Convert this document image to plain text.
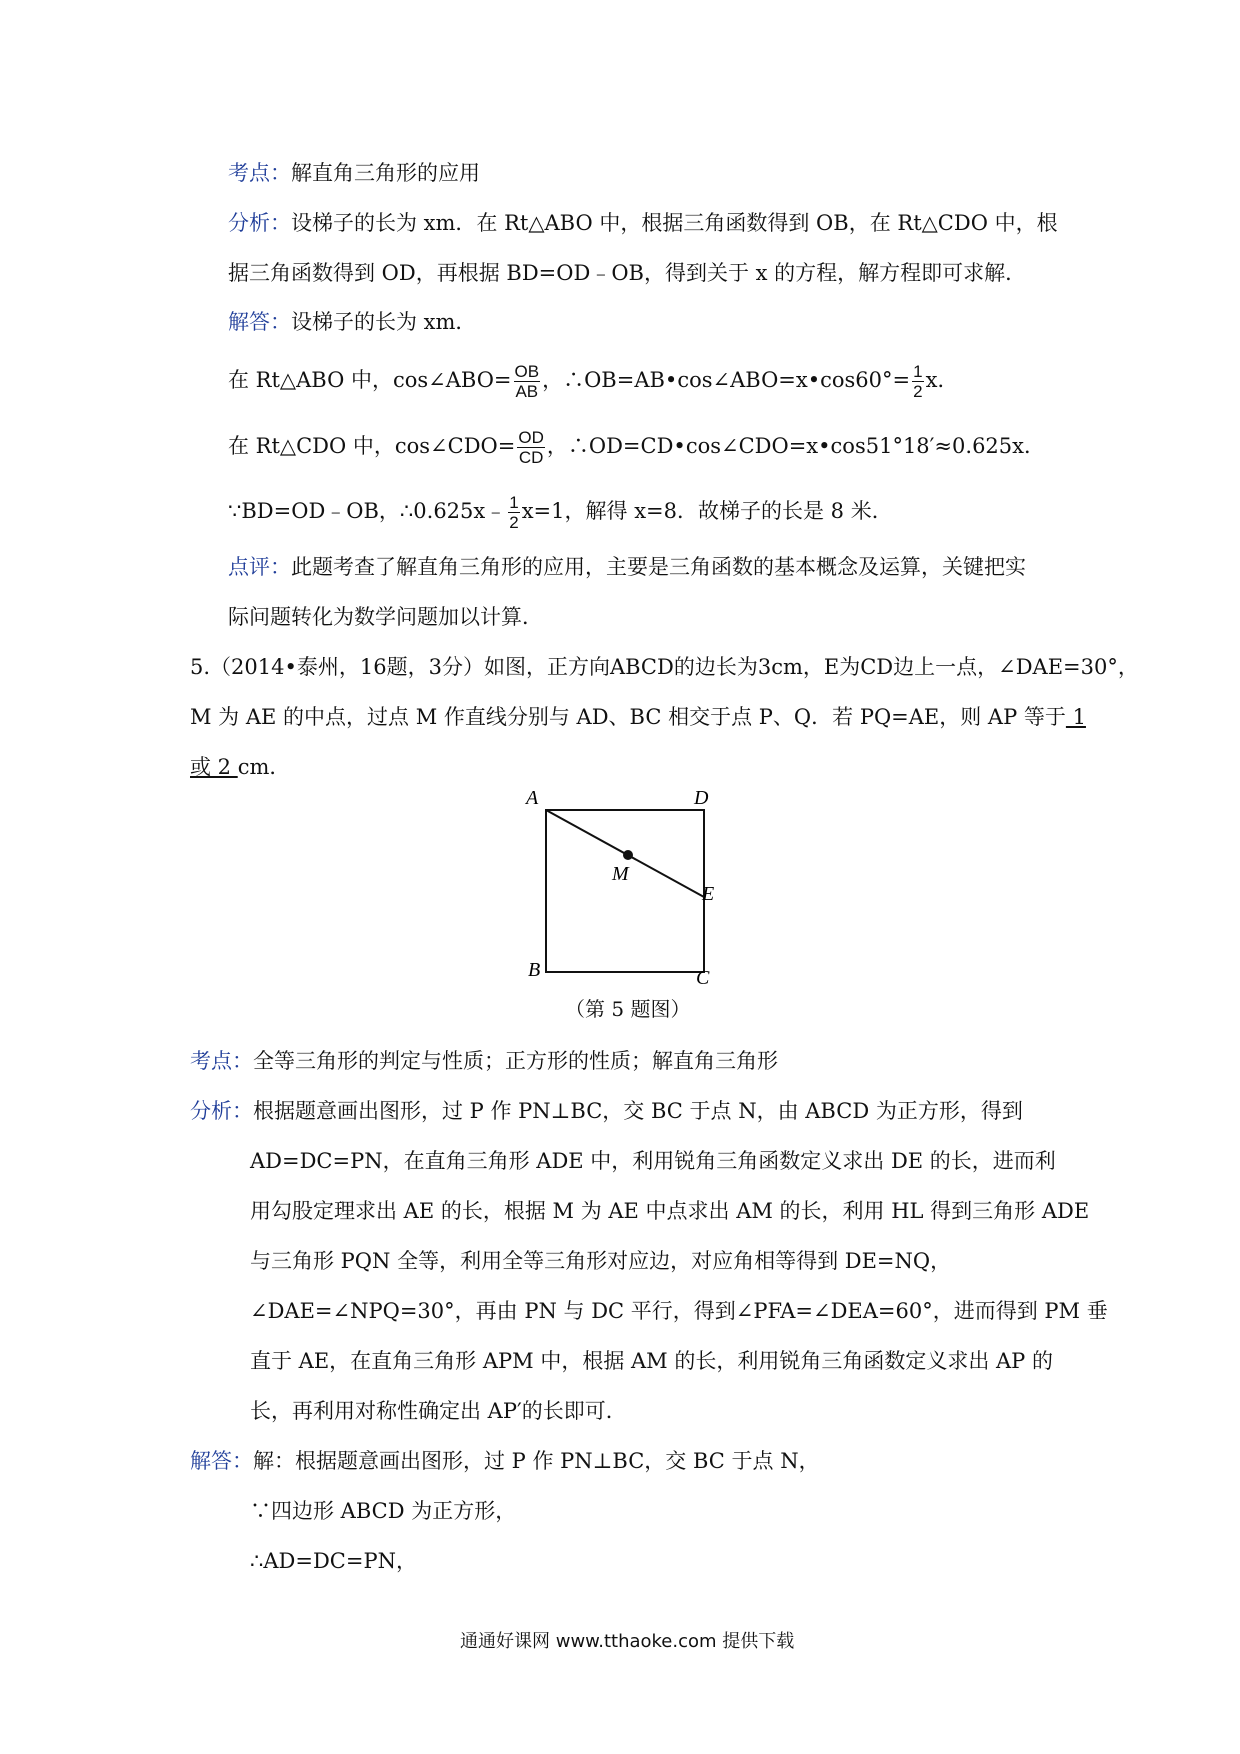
考点：解直角三角形的应用
分析：设梯子的长为 xm．在 Rt△ABO 中，根据三角函数得到 OB，在 Rt△CDO 中，根
据三角函数得到 OD，再根据 BD=OD﹣OB，得到关于 x 的方程，解方程即可求解．
解答：设梯子的长为 xm．
在 Rt△ABO 中，cos∠ABO= $\frac{OB}{AB}$ ，∴OB=AB•cos∠ABO=x•cos60°= $\frac{1}{2}$ x．
在 Rt△CDO 中，cos∠CDO= $\frac{OD}{CD}$ ，∴OD=CD•cos∠CDO=x•cos51°18′≈0.625x．
∵BD=OD﹣OB，∴0.625x﹣ $\frac{1}{2} x=1$，解得 x=8．故梯子的长是 8 米．
点评：此题考查了解直角三角形的应用，主要是三角函数的基本概念及运算，关键把实
际问题转化为数学问题加以计算．
5.（2014•泰州，16题，3分）如图，正方向ABCD的边长为3cm，E为CD边上一点，∠DAE=30°，
M 为 AE 的中点，过点 M 作直线分别与 AD、BC 相交于点 P、Q．若 PQ=AE，则 AP 等于 1
或 2 cm．
A	D
M
E
B	C
（第 5 题图）
考点：全等三角形的判定与性质；正方形的性质；解直角三角形
分析：根据题意画出图形，过 P 作 PN⊥BC，交 BC 于点 N，由 ABCD 为正方形，得到
AD=DC=PN，在直角三角形 ADE 中，利用锐角三角函数定义求出 DE 的长，进而利
用勾股定理求出 AE 的长，根据 M 为 AE 中点求出 AM 的长，利用 HL 得到三角形 ADE
与三角形 PQN 全等，利用全等三角形对应边，对应角相等得到 DE=NQ，
∠DAE=∠NPQ=30°，再由 PN 与 DC 平行，得到∠PFA=∠DEA=60°，进而得到 PM 垂
直于 AE，在直角三角形 APM 中，根据 AM 的长，利用锐角三角函数定义求出 AP 的
长，再利用对称性确定出 AP′的长即可．
解答：解：根据题意画出图形，过 P 作 PN⊥BC，交 BC 于点 N，
∵四边形 ABCD 为正方形，
∴AD=DC=PN，
通通好课网 www.tthaoke.com 提供下载
